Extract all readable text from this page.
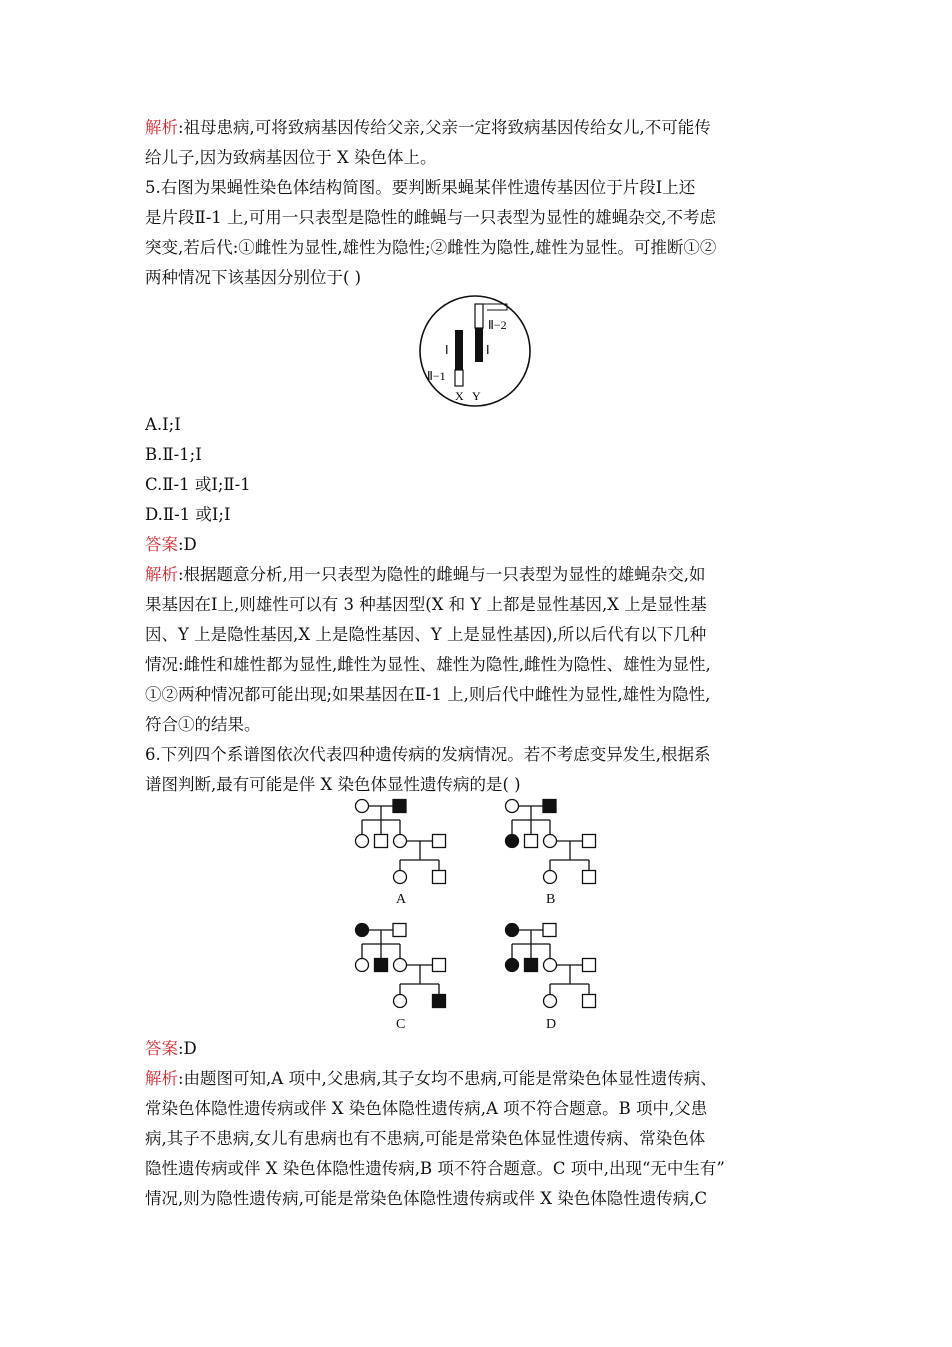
解析:祖母患病,可将致病基因传给父亲,父亲一定将致病基因传给女儿,不可能传
给儿子,因为致病基因位于 X 染色体上。
5.右图为果蝇性染色体结构简图。要判断果蝇某伴性遗传基因位于片段Ⅰ上还
是片段Ⅱ-1 上,可用一只表型是隐性的雌蝇与一只表型为显性的雄蝇杂交,不考虑
突变,若后代:①雌性为显性,雄性为隐性;②雌性为隐性,雄性为显性。可推断①②
两种情况下该基因分别位于( )
Ⅱ−2
Ⅰ	Ⅰ
Ⅱ−1
X Y
A.Ⅰ;Ⅰ
B.Ⅱ-1;Ⅰ
C.Ⅱ-1 或Ⅰ;Ⅱ-1
D.Ⅱ-1 或Ⅰ;Ⅰ
答案:D
解析:根据题意分析,用一只表型为隐性的雌蝇与一只表型为显性的雄蝇杂交,如
果基因在Ⅰ上,则雄性可以有 3 种基因型(X 和 Y 上都是显性基因,X 上是显性基
因、Y 上是隐性基因,X 上是隐性基因、Y 上是显性基因),所以后代有以下几种
情况:雌性和雄性都为显性,雌性为显性、雄性为隐性,雌性为隐性、雄性为显性,
①②两种情况都可能出现;如果基因在Ⅱ-1 上,则后代中雌性为显性,雄性为隐性,
符合①的结果。
6.下列四个系谱图依次代表四种遗传病的发病情况。若不考虑变异发生,根据系
谱图判断,最有可能是伴 X 染色体显性遗传病的是( )
A	B
C	D
答案:D
解析:由题图可知,A 项中,父患病,其子女均不患病,可能是常染色体显性遗传病、
常染色体隐性遗传病或伴 X 染色体隐性遗传病,A 项不符合题意。B 项中,父患
病,其子不患病,女儿有患病也有不患病,可能是常染色体显性遗传病、常染色体
隐性遗传病或伴 X 染色体隐性遗传病,B 项不符合题意。C 项中,出现“无中生有”
情况,则为隐性遗传病,可能是常染色体隐性遗传病或伴 X 染色体隐性遗传病,C
